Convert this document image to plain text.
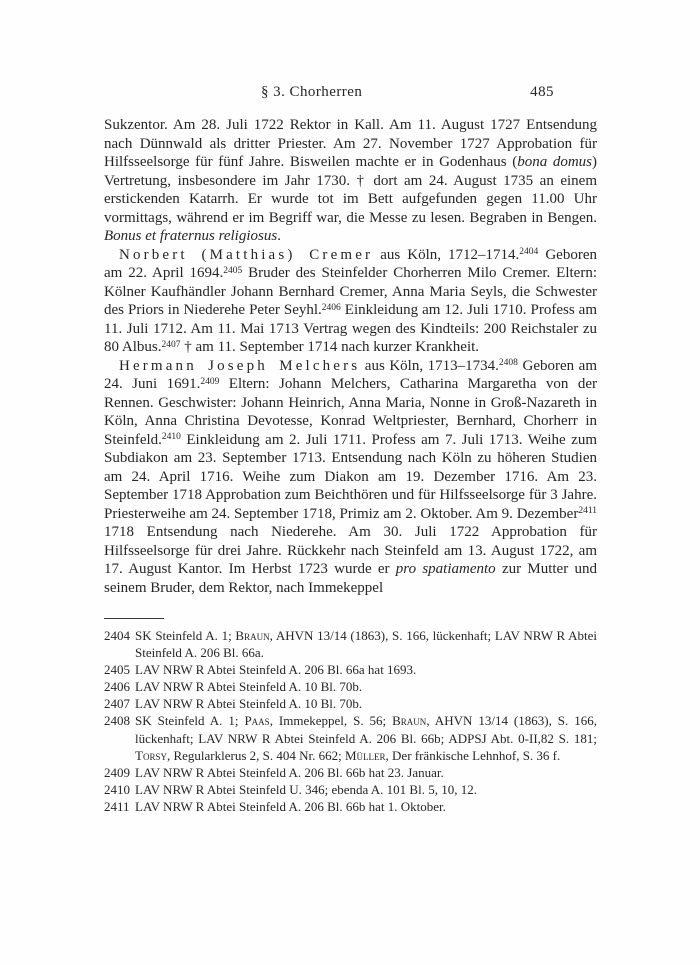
§ 3. Chorherren	485

Sukzentor. Am 28. Juli 1722 Rektor in Kall. Am 11. August 1727 Entsendung nach Dünnwald als dritter Priester. Am 27. November 1727 Approbation für Hilfsseelsorge für fünf Jahre. Bisweilen machte er in Godenhaus (bona domus) Vertretung, insbesondere im Jahr 1730. † dort am 24. August 1735 an einem erstickenden Katarrh. Er wurde tot im Bett aufgefunden gegen 11.00 Uhr vormittags, während er im Begriff war, die Messe zu lesen. Begraben in Bengen. Bonus et fraternus religiosus.

Norbert (Matthias) Cremer aus Köln, 1712–1714.$^{2404}$ Geboren am 22. April 1694.$^{2405}$ Bruder des Steinfelder Chorherren Milo Cremer. Eltern: Kölner Kaufhändler Johann Bernhard Cremer, Anna Maria Seyls, die Schwester des Priors in Niederehe Peter Seyhl.$^{2406}$ Einkleidung am 12. Juli 1710. Profess am 11. Juli 1712. Am 11. Mai 1713 Vertrag wegen des Kindteils: 200 Reichstaler zu 80 Albus.$^{2407}$ † am 11. September 1714 nach kurzer Krankheit.

Hermann Joseph Melchers aus Köln, 1713–1734.$^{2408}$ Geboren am 24. Juni 1691.$^{2409}$ Eltern: Johann Melchers, Catharina Margaretha von der Rennen. Geschwister: Johann Heinrich, Anna Maria, Nonne in Groß-Nazareth in Köln, Anna Christina Devotesse, Konrad Weltpriester, Bernhard, Chorherr in Steinfeld.$^{2410}$ Einkleidung am 2. Juli 1711. Profess am 7. Juli 1713. Weihe zum Subdiakon am 23. September 1713. Entsendung nach Köln zu höheren Studien am 24. April 1716. Weihe zum Diakon am 19. Dezember 1716. Am 23. September 1718 Approbation zum Beichthören und für Hilfsseelsorge für 3 Jahre. Priesterweihe am 24. September 1718, Primiz am 2. Oktober. Am 9. Dezember$^{2411}$ 1718 Entsendung nach Niederehe. Am 30. Juli 1722 Approbation für Hilfsseelsorge für drei Jahre. Rückkehr nach Steinfeld am 13. August 1722, am 17. August Kantor. Im Herbst 1723 wurde er pro spatiamento zur Mutter und seinem Bruder, dem Rektor, nach Immekeppel

2404 SK Steinfeld A. 1; Braun, AHVN 13/14 (1863), S. 166, lückenhaft; LAV NRW R Abtei Steinfeld A. 206 Bl. 66a.
2405 LAV NRW R Abtei Steinfeld A. 206 Bl. 66a hat 1693.
2406 LAV NRW R Abtei Steinfeld A. 10 Bl. 70b.
2407 LAV NRW R Abtei Steinfeld A. 10 Bl. 70b.
2408 SK Steinfeld A. 1; Paas, Immekeppel, S. 56; Braun, AHVN 13/14 (1863), S. 166, lückenhaft; LAV NRW R Abtei Steinfeld A. 206 Bl. 66b; ADPSJ Abt. 0-II,82 S. 181; Torsy, Regularklerus 2, S. 404 Nr. 662; Müller, Der fränkische Lehnhof, S. 36 f.
2409 LAV NRW R Abtei Steinfeld A. 206 Bl. 66b hat 23. Januar.
2410 LAV NRW R Abtei Steinfeld U. 346; ebenda A. 101 Bl. 5, 10, 12.
2411 LAV NRW R Abtei Steinfeld A. 206 Bl. 66b hat 1. Oktober.
